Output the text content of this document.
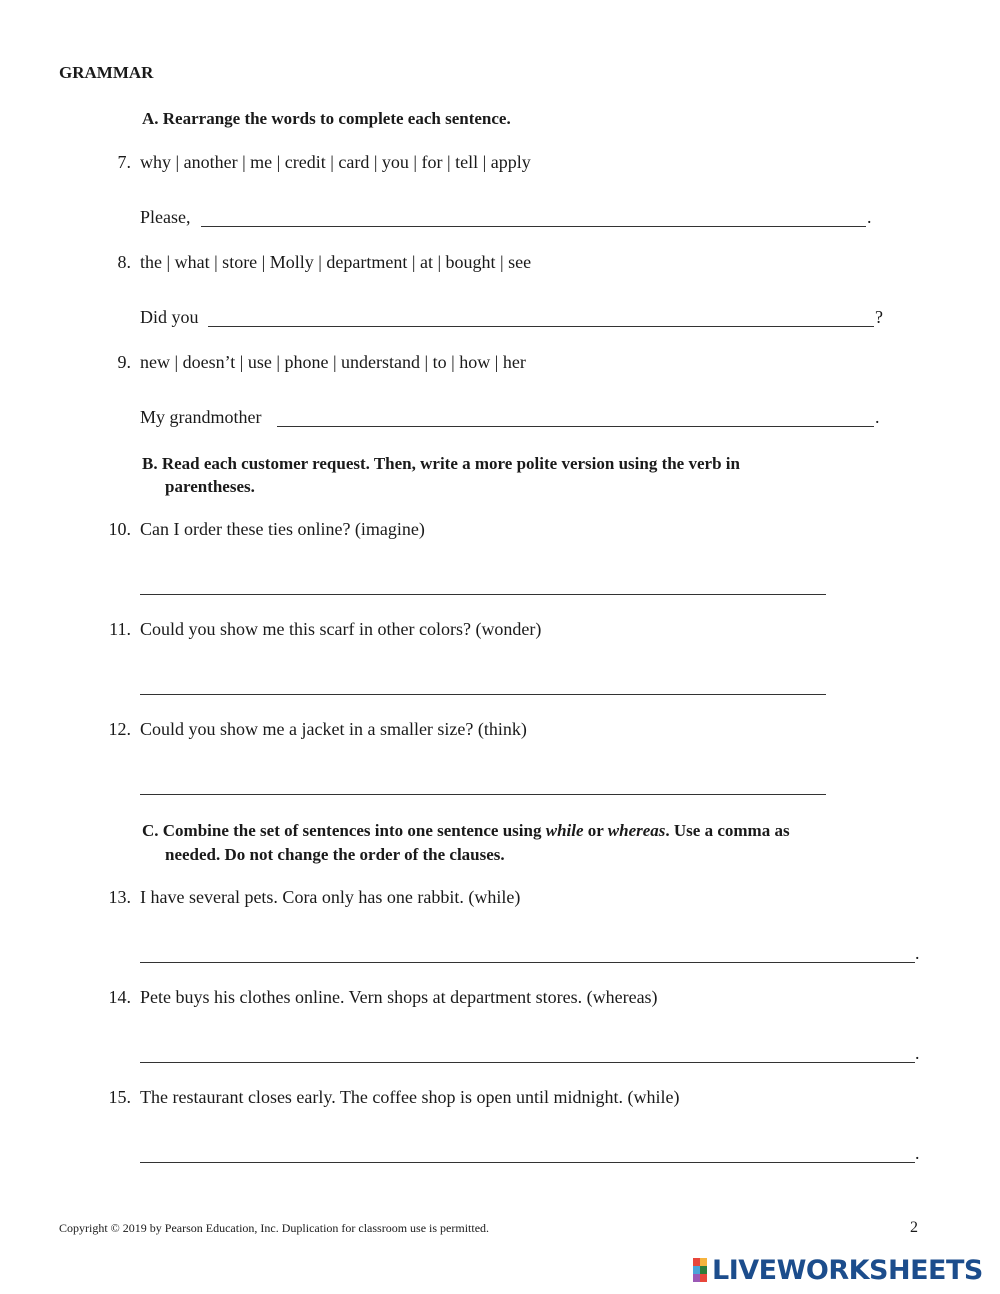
GRAMMAR
A. Rearrange the words to complete each sentence.
7. why | another | me | credit | card | you | for | tell | apply
Please,	.
8. the | what | store | Molly | department | at | bought | see
Did you	?
9. new | doesn’t | use | phone | understand | to | how | her
My grandmother	.
B. Read each customer request. Then, write a more polite version using the verb in
parentheses.
10. Can I order these ties online? (imagine)
11. Could you show me this scarf in other colors? (wonder)
12. Could you show me a jacket in a smaller size? (think)
C. Combine the set of sentences into one sentence using while or whereas. Use a comma as
needed. Do not change the order of the clauses.
13. I have several pets. Cora only has one rabbit. (while)
.
14. Pete buys his clothes online. Vern shops at department stores. (whereas)
.
15. The restaurant closes early. The coffee shop is open until midnight. (while)
.
Copyright © 2019 by Pearson Education, Inc. Duplication for classroom use is permitted.	2
LIVEWORKSHEETS
